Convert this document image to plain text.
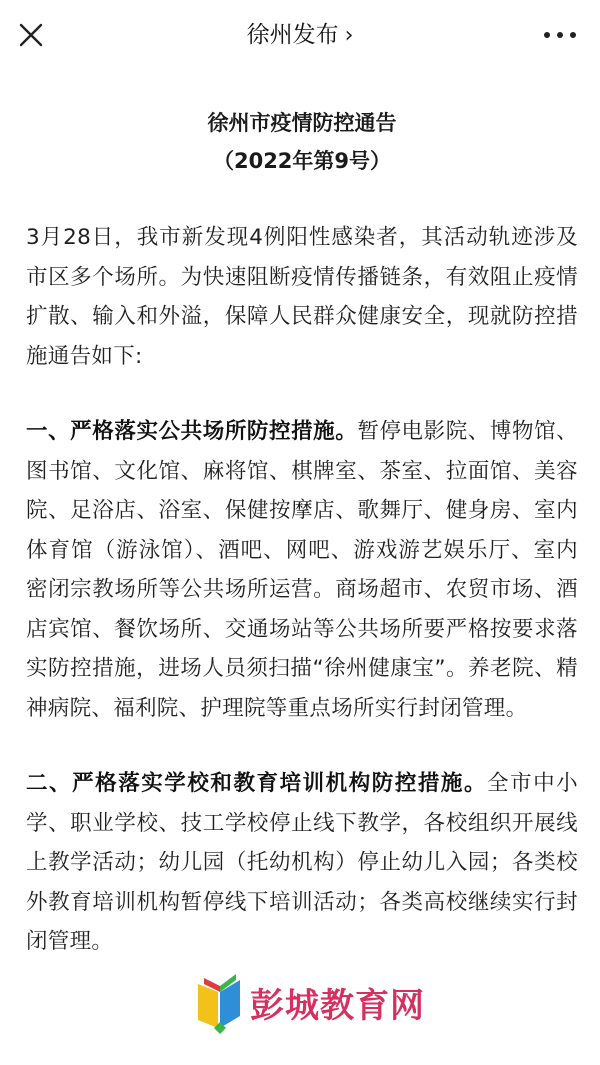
徐州发布 ›

徐州市疫情防控通告

（2022年第9号）

3月28日，我市新发现4例阳性感染者，其活动轨迹涉及市区多个场所。为快速阻断疫情传播链条，有效阻止疫情扩散、输入和外溢，保障人民群众健康安全，现就防控措施通告如下:

一、严格落实公共场所防控措施。暂停电影院、博物馆、图书馆、文化馆、麻将馆、棋牌室、茶室、拉面馆、美容院、足浴店、浴室、保健按摩店、歌舞厅、健身房、室内体育馆（游泳馆）、酒吧、网吧、游戏游艺娱乐厅、室内密闭宗教场所等公共场所运营。商场超市、农贸市场、酒店宾馆、餐饮场所、交通场站等公共场所要严格按要求落实防控措施，进场人员须扫描“徐州健康宝”。养老院、精神病院、福利院、护理院等重点场所实行封闭管理。

二、严格落实学校和教育培训机构防控措施。全市中小学、职业学校、技工学校停止线下教学，各校组织开展线上教学活动；幼儿园（托幼机构）停止幼儿入园；各类校外教育培训机构暂停线下培训活动；各类高校继续实行封闭管理。

彭城教育网
